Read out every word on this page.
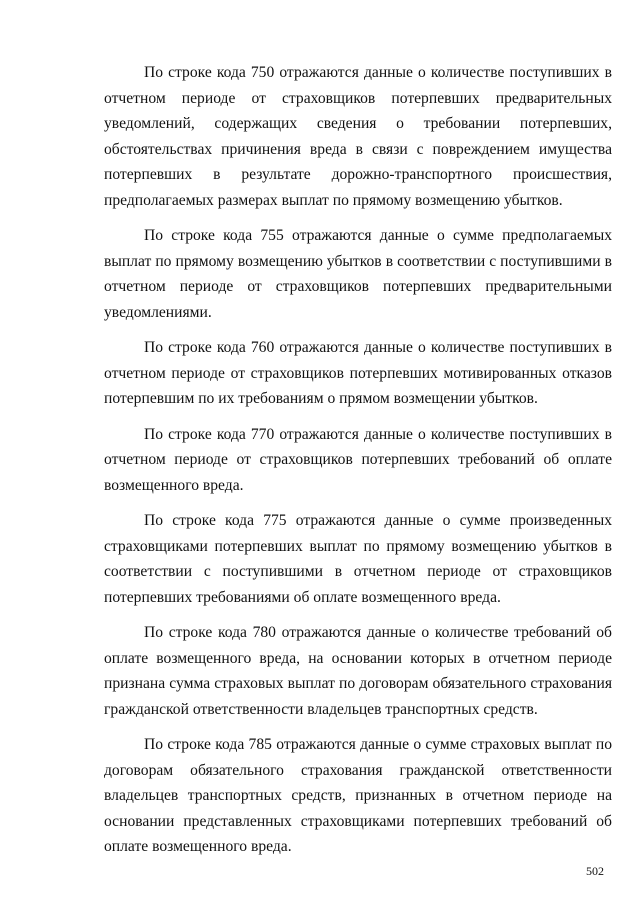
По строке кода 750 отражаются данные о количестве поступивших в отчетном периоде от страховщиков потерпевших предварительных уведомлений, содержащих сведения о требовании потерпевших, обстоятельствах причинения вреда в связи с повреждением имущества потерпевших в результате дорожно-транспортного происшествия, предполагаемых размерах выплат по прямому возмещению убытков.

По строке кода 755 отражаются данные о сумме предполагаемых выплат по прямому возмещению убытков в соответствии с поступившими в отчетном периоде от страховщиков потерпевших предварительными уведомлениями.

По строке кода 760 отражаются данные о количестве поступивших в отчетном периоде от страховщиков потерпевших мотивированных отказов потерпевшим по их требованиям о прямом возмещении убытков.

По строке кода 770 отражаются данные о количестве поступивших в отчетном периоде от страховщиков потерпевших требований об оплате возмещенного вреда.

По строке кода 775 отражаются данные о сумме произведенных страховщиками потерпевших выплат по прямому возмещению убытков в соответствии с поступившими в отчетном периоде от страховщиков потерпевших требованиями об оплате возмещенного вреда.

По строке кода 780 отражаются данные о количестве требований об оплате возмещенного вреда, на основании которых в отчетном периоде признана сумма страховых выплат по договорам обязательного страхования гражданской ответственности владельцев транспортных средств.

По строке кода 785 отражаются данные о сумме страховых выплат по договорам обязательного страхования гражданской ответственности владельцев транспортных средств, признанных в отчетном периоде на основании представленных страховщиками потерпевших требований об оплате возмещенного вреда.

502
